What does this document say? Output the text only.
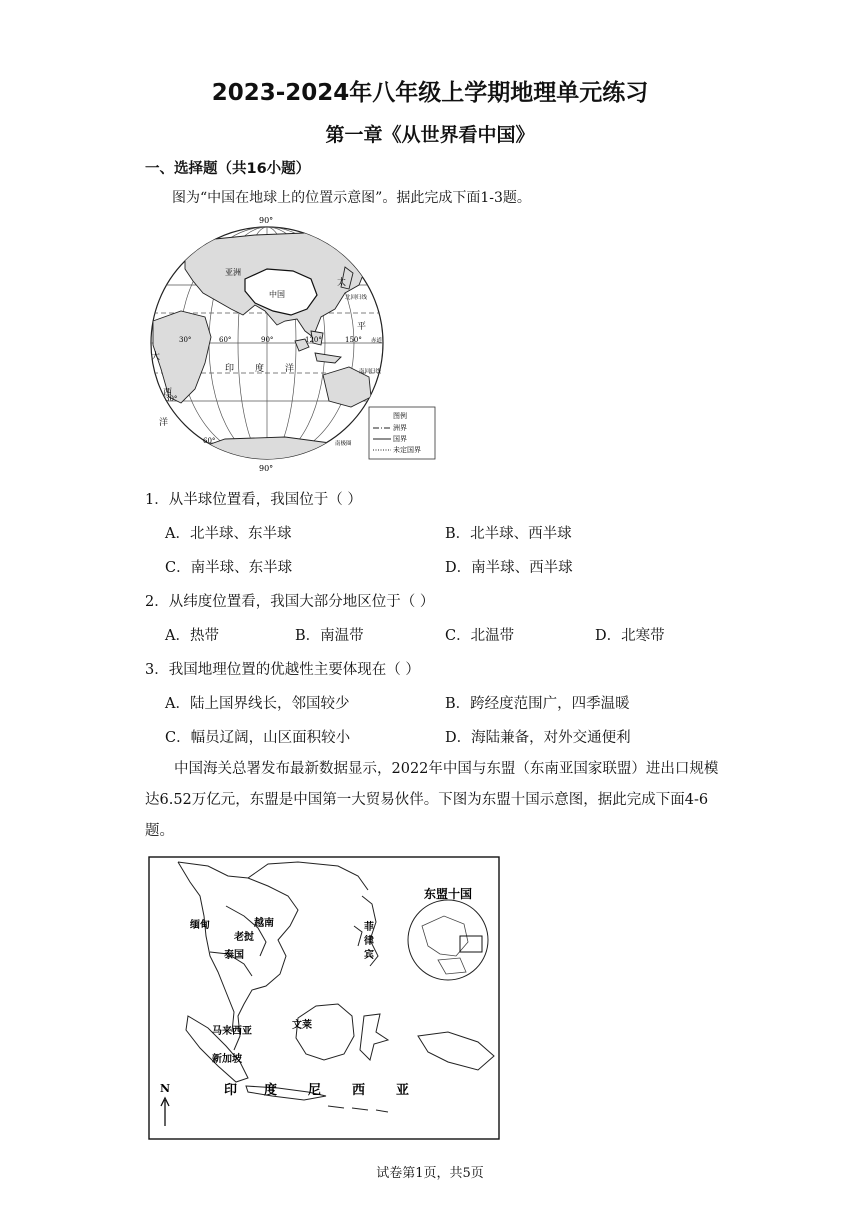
2023-2024年八年级上学期地理单元练习
第一章《从世界看中国》
一、选择题（共16小题）
图为“中国在地球上的位置示意图”。据此完成下面1-3题。
90°
90°
亚洲
中国
太
平
印 度 洋
大
西
洋
30°
30°
60°
60°	90°	120°	150°
北回归线
赤道
南回归线
南极圈
图例
洲界
国界
未定国界
1．从半球位置看，我国位于（ ）
A．北半球、东半球	B．北半球、西半球
C．南半球、东半球	D．南半球、西半球
2．从纬度位置看，我国大部分地区位于（ ）
A．热带	B．南温带	C．北温带	D．北寒带
3．我国地理位置的优越性主要体现在（ ）
A．陆上国界线长，邻国较少	B．跨经度范围广，四季温暖
C．幅员辽阔，山区面积较小	D．海陆兼备，对外交通便利
中国海关总署发布最新数据显示，2022年中国与东盟（东南亚国家联盟）进出口规模达6.52万亿元，东盟是中国第一大贸易伙伴。下图为东盟十国示意图，据此完成下面4-6题。
东盟十国
缅甸	越南
老挝
泰国
菲
律
宾
马来西亚
文莱
新加坡
印 度 尼 西 亚
N
试卷第1页，共5页
